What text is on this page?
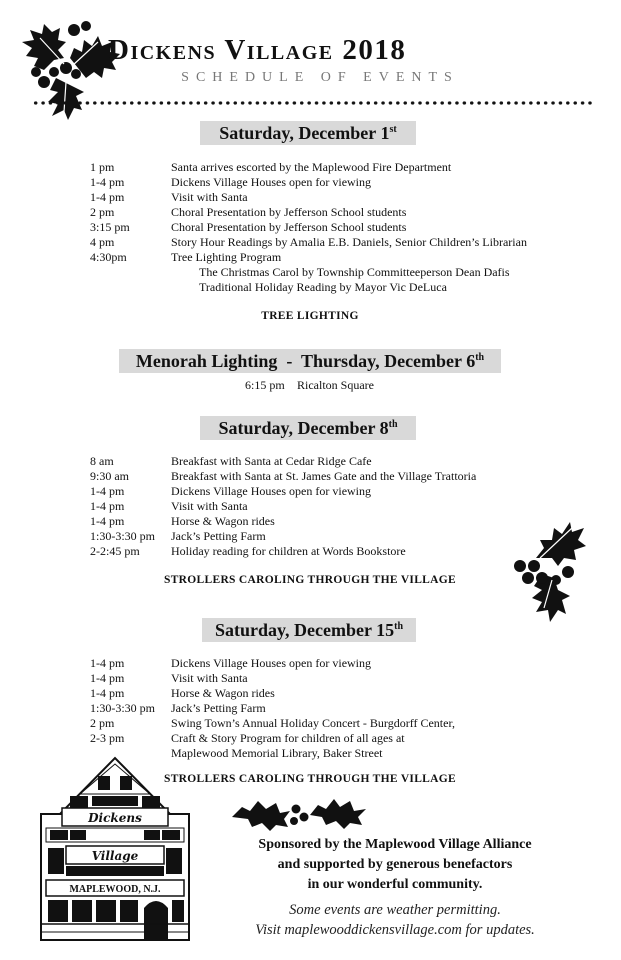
Dickens Village 2018
SCHEDULE OF EVENTS
Saturday, December 1st
1 pm	Santa arrives escorted by the Maplewood Fire Department
1-4 pm	Dickens Village Houses open for viewing
1-4 pm	Visit with Santa
2 pm	Choral Presentation by Jefferson School students
3:15 pm	Choral Presentation by Jefferson School students
4 pm	Story Hour Readings by Amalia E.B. Daniels, Senior Children’s Librarian
4:30pm	Tree Lighting Program
The Christmas Carol by Township Committeeperson Dean Dafis
Traditional Holiday Reading by Mayor Vic DeLuca
TREE LIGHTING
Menorah Lighting  -  Thursday, December 6th
6:15 pm Ricalton Square
Saturday, December 8th
8 am	Breakfast with Santa at Cedar Ridge Cafe
9:30 am	Breakfast with Santa at St. James Gate and the Village Trattoria
1-4 pm	Dickens Village Houses open for viewing
1-4 pm	Visit with Santa
1-4 pm	Horse & Wagon rides
1:30-3:30 pm Jack’s Petting Farm
2-2:45 pm	Holiday reading for children at Words Bookstore
STROLLERS CAROLING THROUGH THE VILLAGE
Saturday, December 15th
1-4 pm	Dickens Village Houses open for viewing
1-4 pm	Visit with Santa
1-4 pm	Horse & Wagon rides
1:30-3:30 pm Jack’s Petting Farm
2 pm	Swing Town’s Annual Holiday Concert - Burgdorff Center,
2-3 pm	Craft & Story Program for children of all ages at
Maplewood Memorial Library, Baker Street
STROLLERS CAROLING THROUGH THE VILLAGE
Dickens
Village
MAPLEWOOD, N.J.
Sponsored by the Maplewood Village Alliance
and supported by generous benefactors
in our wonderful community.
Some events are weather permitting.
Visit maplewooddickensvillage.com for updates.
